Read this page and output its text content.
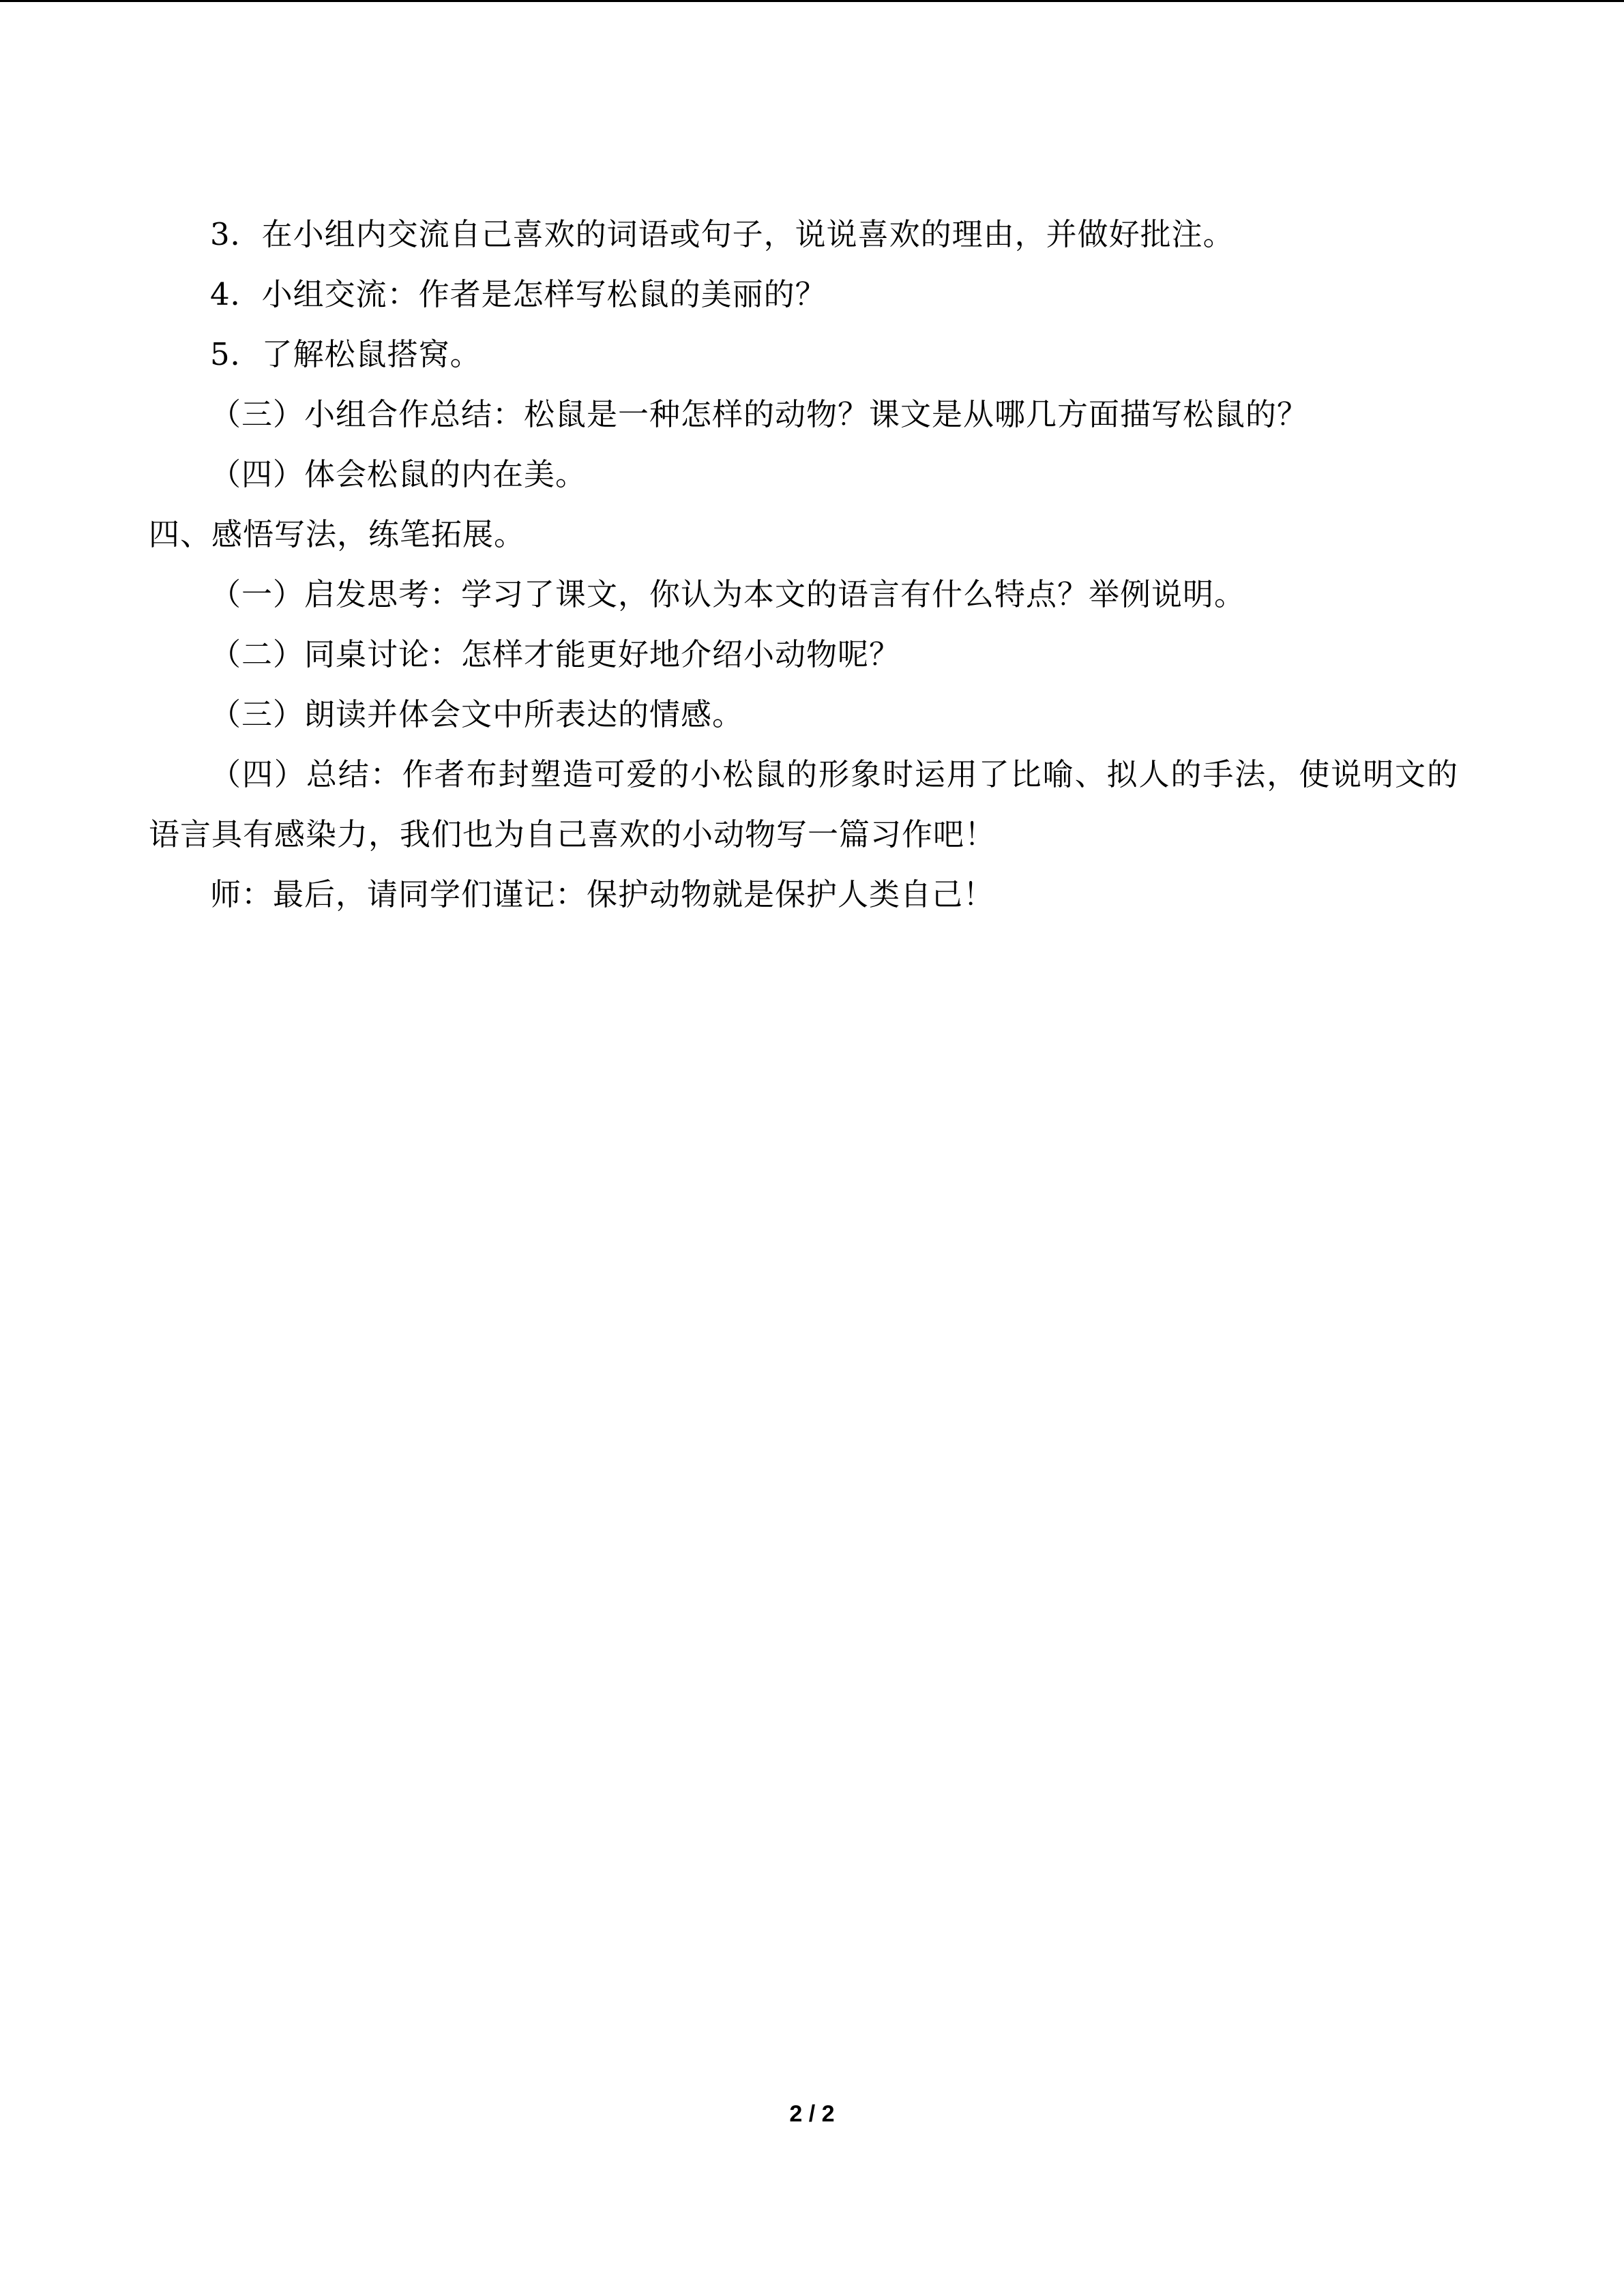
3．在小组内交流自己喜欢的词语或句子，说说喜欢的理由，并做好批注。
4．小组交流：作者是怎样写松鼠的美丽的？
5．了解松鼠搭窝。
（三）小组合作总结：松鼠是一种怎样的动物？课文是从哪几方面描写松鼠的？
（四）体会松鼠的内在美。
四、感悟写法，练笔拓展。
（一）启发思考：学习了课文，你认为本文的语言有什么特点？举例说明。
（二）同桌讨论：怎样才能更好地介绍小动物呢？
（三）朗读并体会文中所表达的情感。
（四）总结：作者布封塑造可爱的小松鼠的形象时运用了比喻、拟人的手法，使说明文的语言具有感染力，我们也为自己喜欢的小动物写一篇习作吧！
师：最后，请同学们谨记：保护动物就是保护人类自己！
2 / 2
